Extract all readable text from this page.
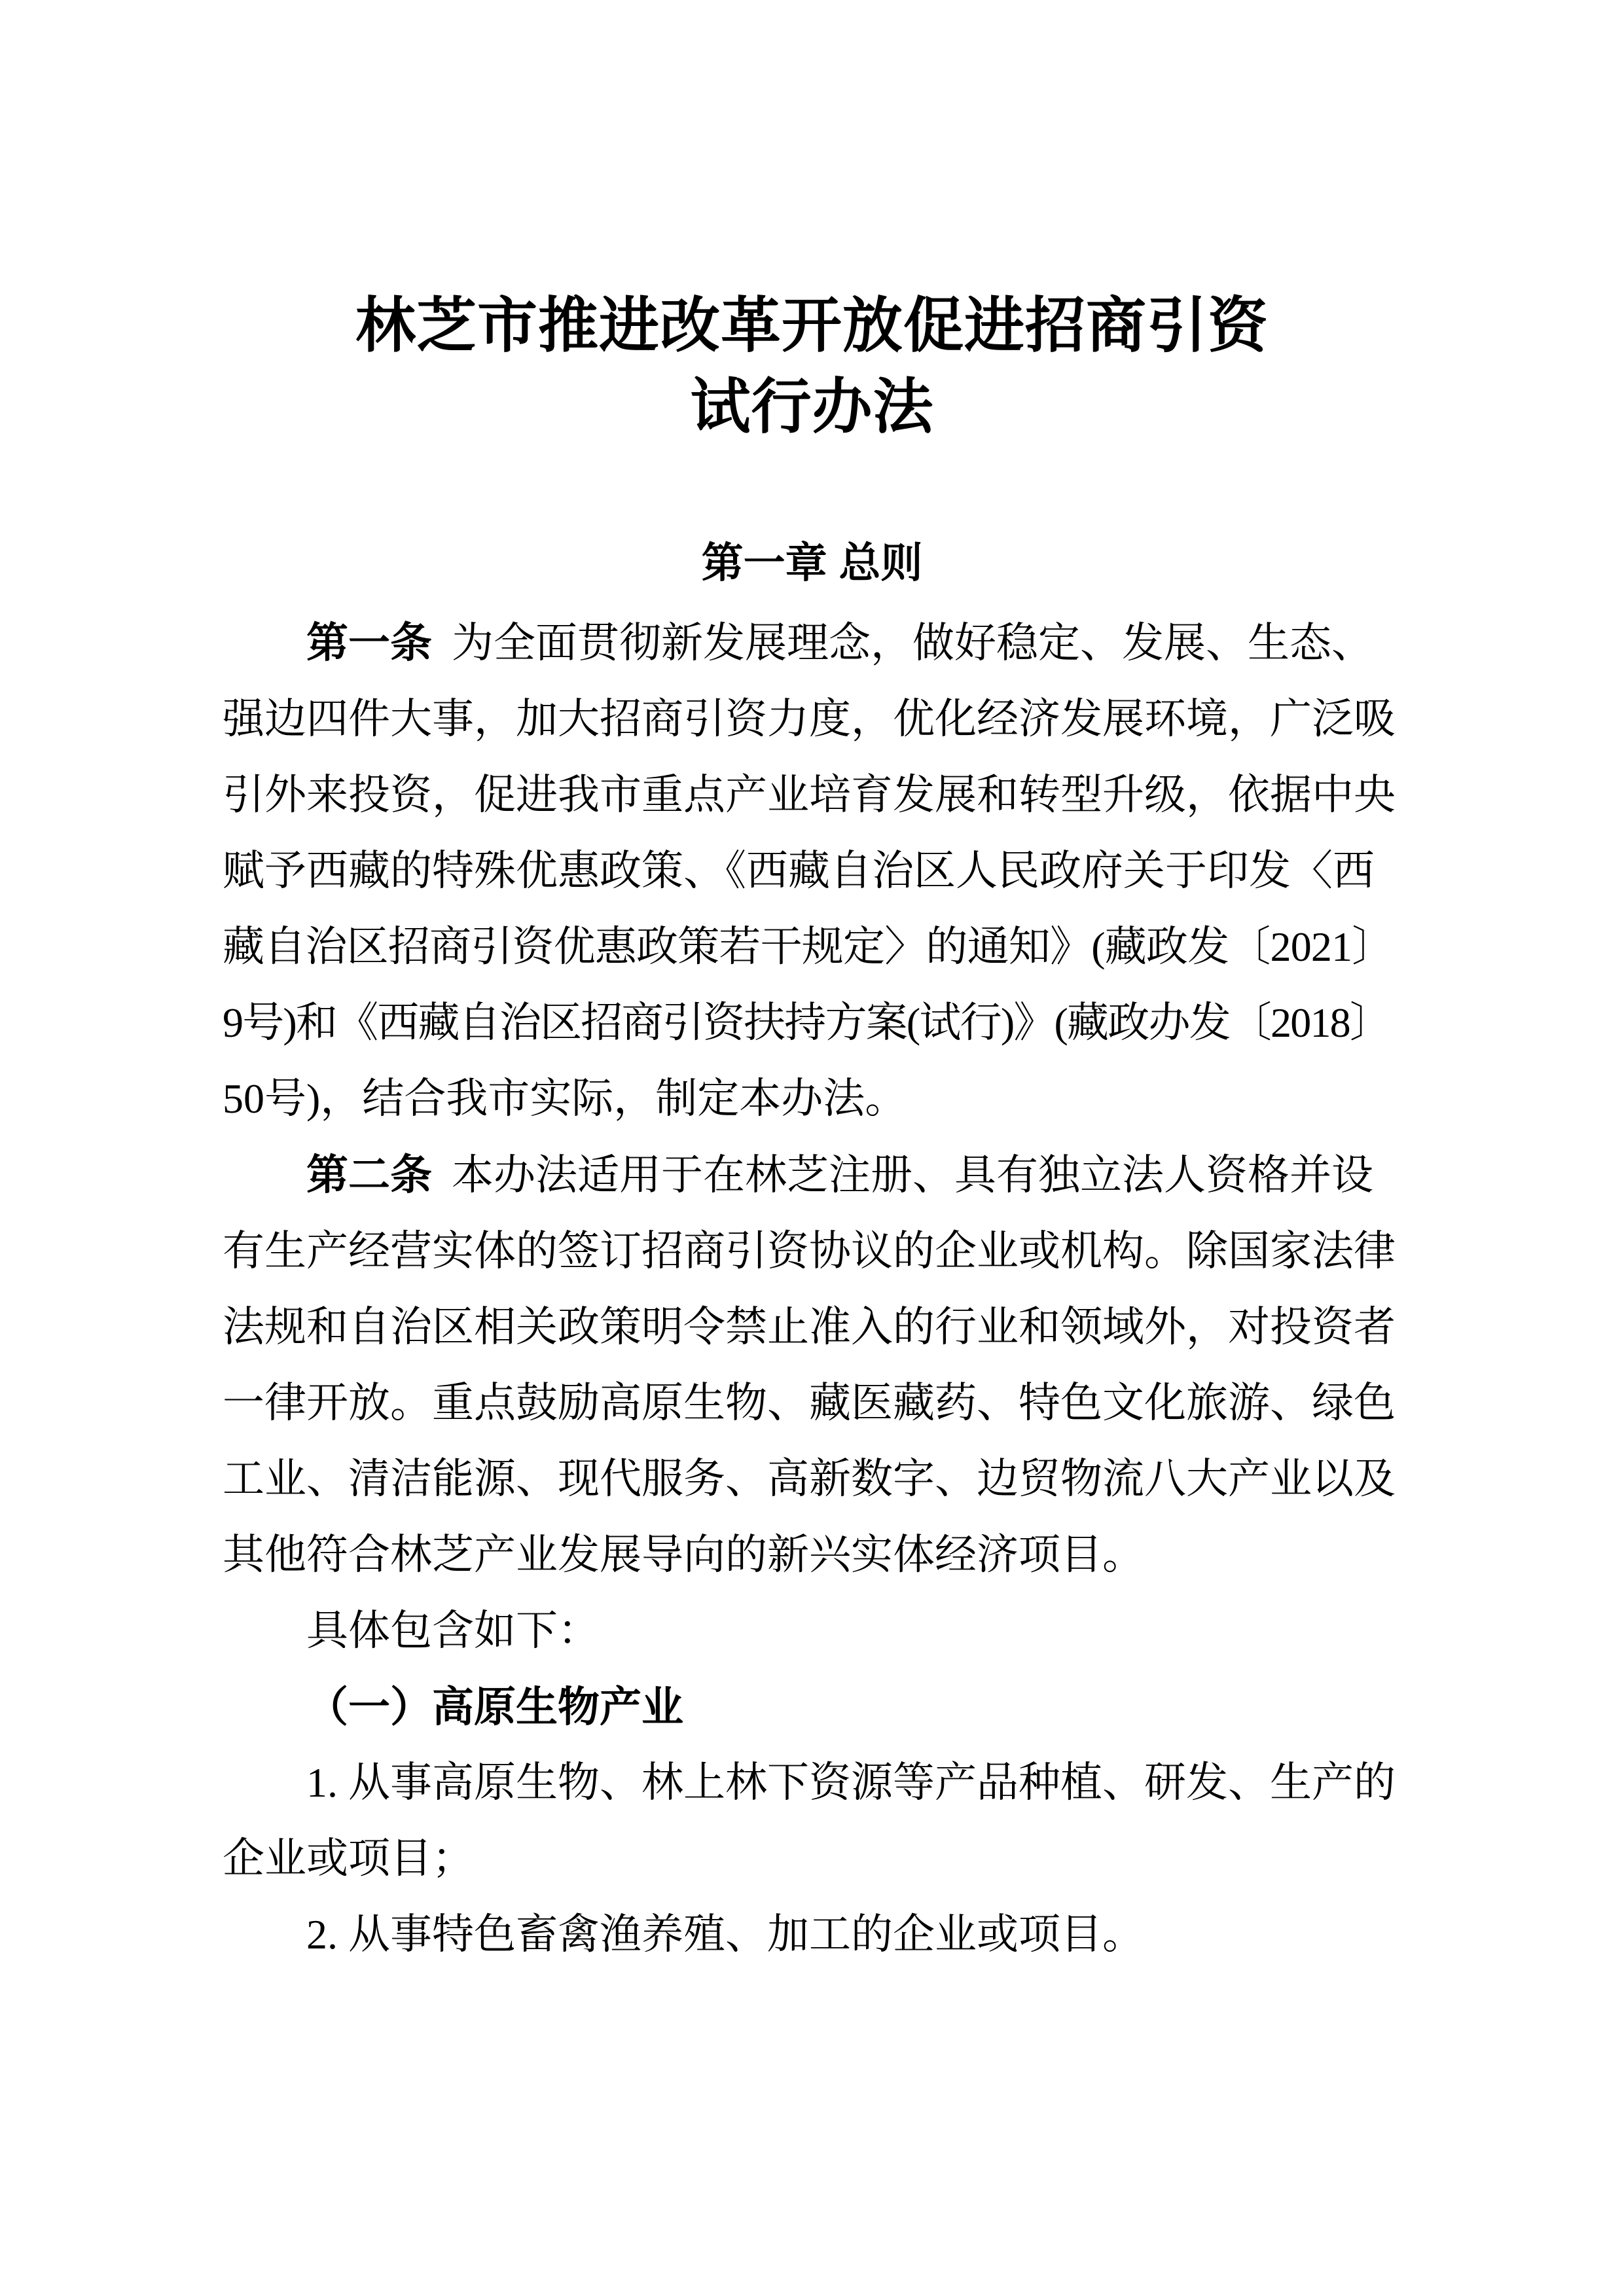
林芝市推进改革开放促进招商引资
试行办法
第一章 总则
第一条 为全面贯彻新发展理念，做好稳定、发展、生态、
强边四件大事，加大招商引资力度，优化经济发展环境，广泛吸
引外来投资，促进我市重点产业培育发展和转型升级，依据中央
赋予西藏的特殊优惠政策、《西藏自治区人民政府关于印发〈西
藏自治区招商引资优惠政策若干规定〉的通知》(藏政发〔2021〕
9号)和《西藏自治区招商引资扶持方案(试行)》(藏政办发〔2018〕
50号)，结合我市实际，制定本办法。
第二条 本办法适用于在林芝注册、具有独立法人资格并设
有生产经营实体的签订招商引资协议的企业或机构。除国家法律
法规和自治区相关政策明令禁止准入的行业和领域外，对投资者
一律开放。重点鼓励高原生物、藏医藏药、特色文化旅游、绿色
工业、清洁能源、现代服务、高新数字、边贸物流八大产业以及
其他符合林芝产业发展导向的新兴实体经济项目。
具体包含如下：
（一）高原生物产业
1. 从事高原生物、林上林下资源等产品种植、研发、生产的
企业或项目；
2. 从事特色畜禽渔养殖、加工的企业或项目。
